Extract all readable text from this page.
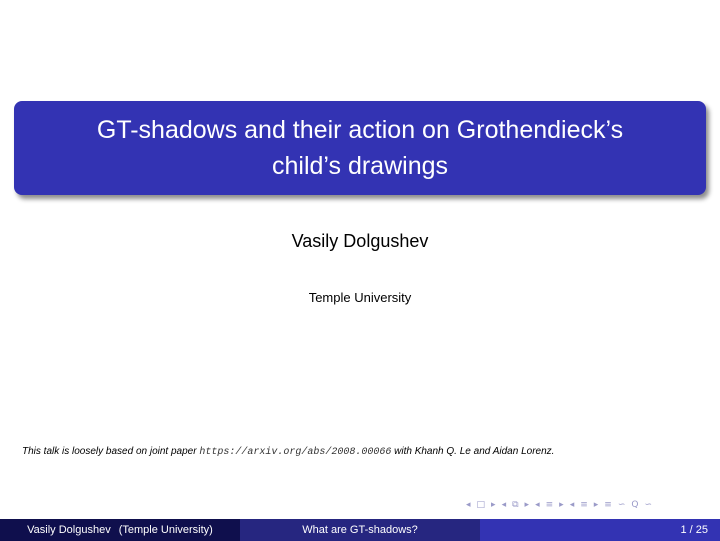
GT-shadows and their action on Grothendieck’s
child’s drawings
Vasily Dolgushev
Temple University
This talk is loosely based on joint paper https://arxiv.org/abs/2008.00066 with Khanh Q. Le and Aidan Lorenz.
◂ □ ▸ ◂ ⧉ ▸ ◂ ≡ ▸ ◂ ≡ ▸ ≡ ∽ Q ∽
Vasily Dolgushev (Temple University)	What are GT-shadows?	1 / 25
